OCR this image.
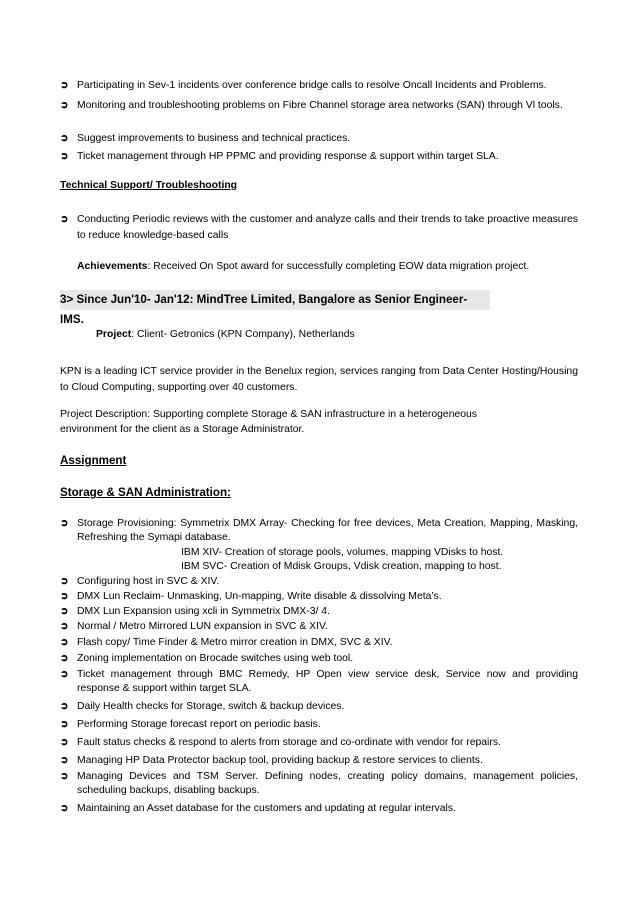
➲ Participating in Sev-1 incidents over conference bridge calls to resolve Oncall Incidents and Problems.
➲ Monitoring and troubleshooting problems on Fibre Channel storage area networks (SAN) through Vl tools.
➲ Suggest improvements to business and technical practices.
➲ Ticket management through HP PPMC and providing response & support within target SLA.
Technical Support/ Troubleshooting
➲ Conducting Periodic reviews with the customer and analyze calls and their trends to take proactive measures to reduce knowledge-based calls
Achievements: Received On Spot award for successfully completing EOW data migration project.
3> Since Jun'10- Jan'12: MindTree Limited, Bangalore as Senior Engineer- IMS.
Project: Client- Getronics (KPN Company), Netherlands
KPN is a leading ICT service provider in the Benelux region, services ranging from Data Center Hosting/Housing to Cloud Computing, supporting over 40 customers.
Project Description: Supporting complete Storage & SAN infrastructure in a heterogeneous
environment for the client as a Storage Administrator.
Assignment
Storage & SAN Administration:
➲ Storage Provisioning: Symmetrix DMX Array- Checking for free devices, Meta Creation, Mapping, Masking, Refreshing the Symapi database.
IBM XIV- Creation of storage pools, volumes, mapping VDisks to host.
IBM SVC- Creation of Mdisk Groups, Vdisk creation, mapping to host.
➲ Configuring host in SVC & XIV.
➲ DMX Lun Reclaim- Unmasking, Un-mapping, Write disable & dissolving Meta’s.
➲ DMX Lun Expansion using xcli in Symmetrix DMX-3/ 4.
➲ Normal / Metro Mirrored LUN expansion in SVC & XIV.
➲ Flash copy/ Time Finder & Metro mirror creation in DMX, SVC & XIV.
➲ Zoning implementation on Brocade switches using web tool.
➲ Ticket management through BMC Remedy, HP Open view service desk, Service now and providing response & support within target SLA.
➲ Daily Health checks for Storage, switch & backup devices.
➲ Performing Storage forecast report on periodic basis.
➲ Fault status checks & respond to alerts from storage and co-ordinate with vendor for repairs.
➲ Managing HP Data Protector backup tool, providing backup & restore services to clients.
➲ Managing Devices and TSM Server. Defining nodes, creating policy domains, management policies, scheduling backups, disabling backups.
➲ Maintaining an Asset database for the customers and updating at regular intervals.
